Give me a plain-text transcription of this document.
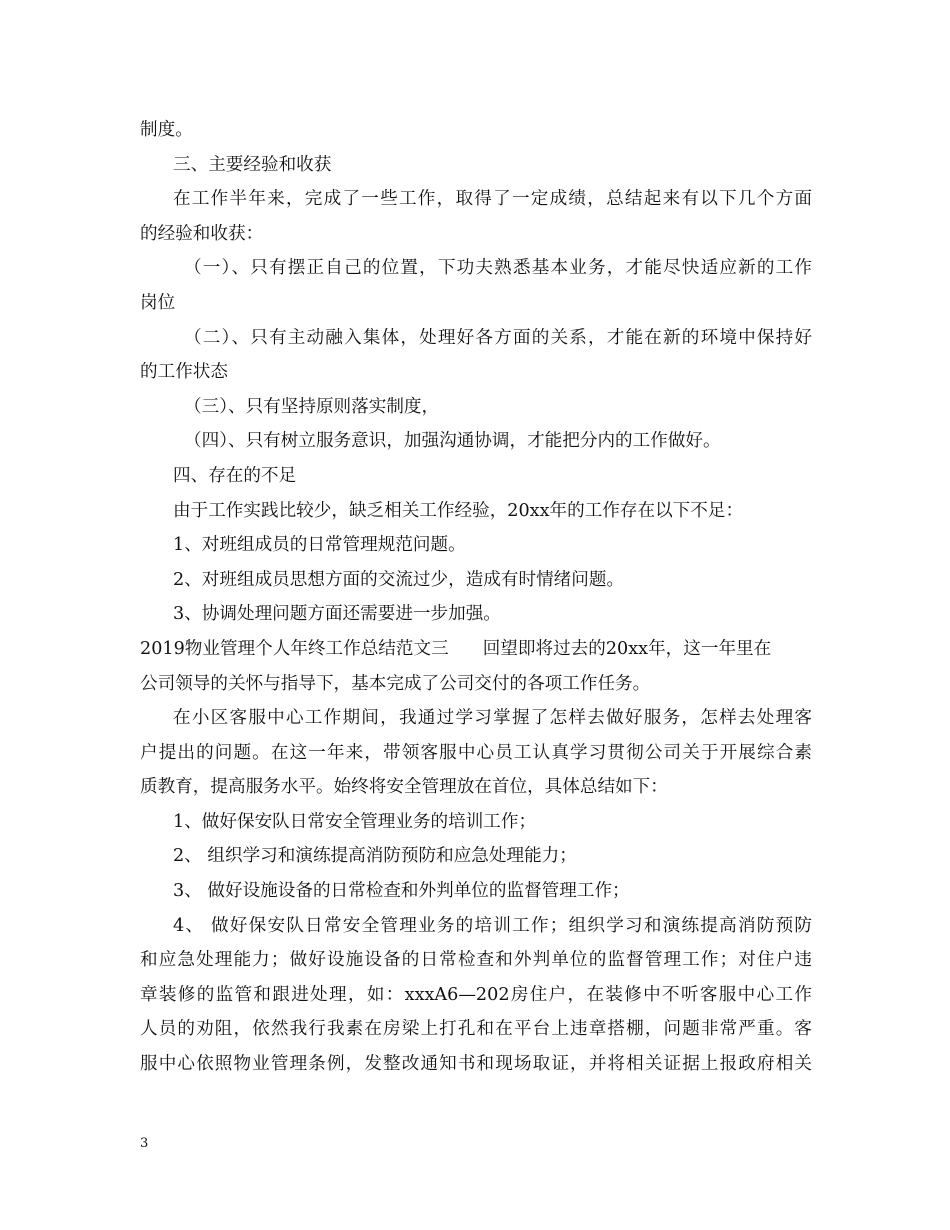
制度。
三、主要经验和收获
在工作半年来，完成了一些工作，取得了一定成绩，总结起来有以下几个方面
的经验和收获：
（一）、只有摆正自己的位置，下功夫熟悉基本业务，才能尽快适应新的工作
岗位
（二）、只有主动融入集体，处理好各方面的关系，才能在新的环境中保持好
的工作状态
（三）、只有坚持原则落实制度，
（四）、只有树立服务意识，加强沟通协调，才能把分内的工作做好。
四、存在的不足
由于工作实践比较少，缺乏相关工作经验，20xx年的工作存在以下不足：
1、对班组成员的日常管理规范问题。
2、对班组成员思想方面的交流过少，造成有时情绪问题。
3、协调处理问题方面还需要进一步加强。
2019物业管理个人年终工作总结范文三 回望即将过去的20xx年，这一年里在
公司领导的关怀与指导下，基本完成了公司交付的各项工作任务。
在小区客服中心工作期间，我通过学习掌握了怎样去做好服务，怎样去处理客
户提出的问题。在这一年来，带领客服中心员工认真学习贯彻公司关于开展综合素
质教育，提高服务水平。始终将安全管理放在首位，具体总结如下：
1、做好保安队日常安全管理业务的培训工作；
2、 组织学习和演练提高消防预防和应急处理能力；
3、 做好设施设备的日常检查和外判单位的监督管理工作；
4、 做好保安队日常安全管理业务的培训工作；组织学习和演练提高消防预防
和应急处理能力；做好设施设备的日常检查和外判单位的监督管理工作；对住户违
章装修的监管和跟进处理，如：xxxA6—202房住户，在装修中不听客服中心工作
人员的劝阻，依然我行我素在房梁上打孔和在平台上违章搭棚，问题非常严重。客
服中心依照物业管理条例，发整改通知书和现场取证，并将相关证据上报政府相关
3
